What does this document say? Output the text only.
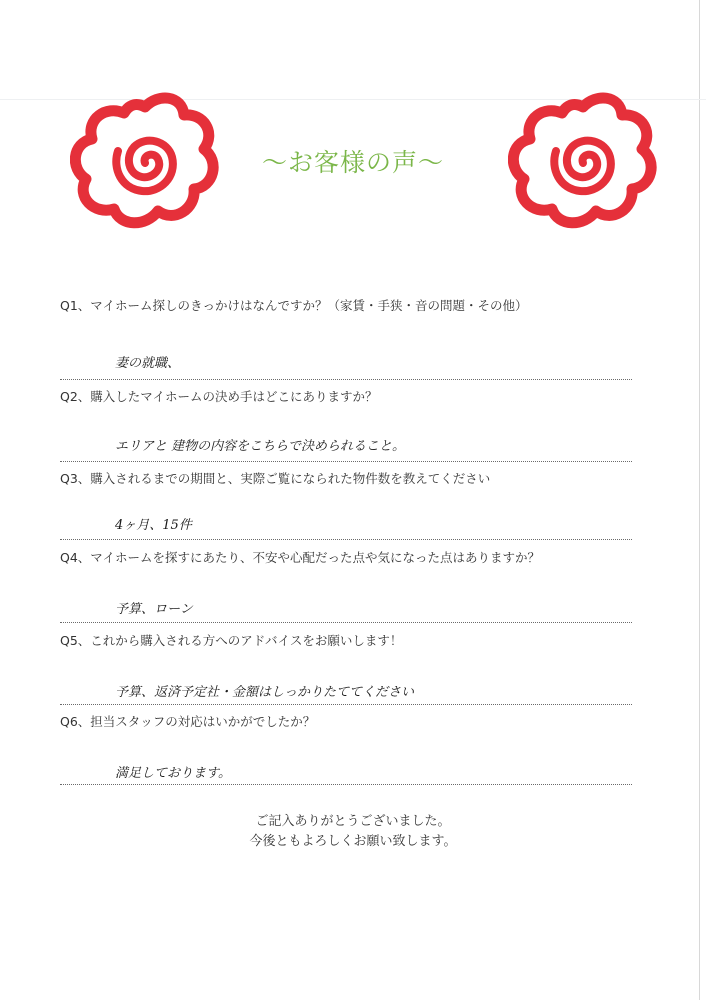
～お客様の声～
Q1、マイホーム探しのきっかけはなんですか？（家賃・手狭・音の問題・その他）
妻の就職、
Q2、購入したマイホームの決め手はどこにありますか？
エリアと 建物の内容をこちらで決められること。
Q3、購入されるまでの期間と、実際ご覧になられた物件数を教えてください
4ヶ月、15件
Q4、マイホームを探すにあたり、不安や心配だった点や気になった点はありますか？
予算、ローン
Q5、これから購入される方へのアドバイスをお願いします！
予算、返済予定社・金額はしっかりたててください
Q6、担当スタッフの対応はいかがでしたか？
満足しております。
ご記入ありがとうございました。
今後ともよろしくお願い致します。
